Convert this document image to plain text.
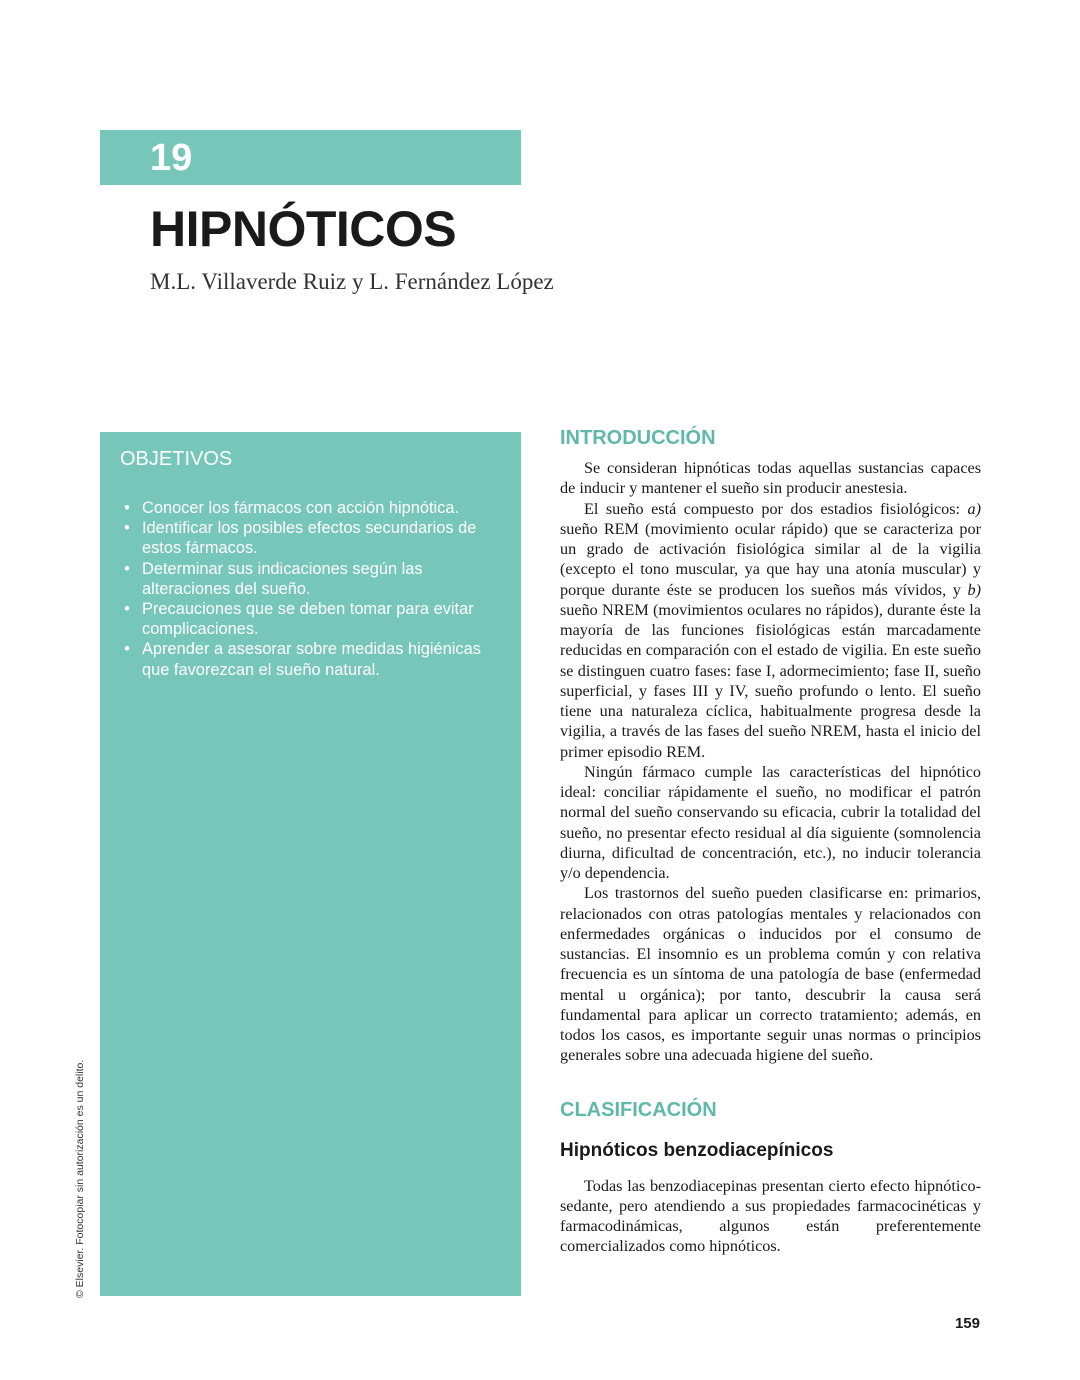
19
HIPNÓTICOS
M.L. Villaverde Ruiz y L. Fernández López
OBJETIVOS
• Conocer los fármacos con acción hipnótica.
• Identificar los posibles efectos secundarios de estos fármacos.
• Determinar sus indicaciones según las alteraciones del sueño.
• Precauciones que se deben tomar para evitar complicaciones.
• Aprender a asesorar sobre medidas higiénicas que favorezcan el sueño natural.
INTRODUCCIÓN

Se consideran hipnóticas todas aquellas sustancias capaces de inducir y mantener el sueño sin producir anestesia.

El sueño está compuesto por dos estadios fisiológicos: a) sueño REM (movimiento ocular rápido) que se caracteriza por un grado de activación fisiológica similar al de la vigilia (excepto el tono muscular, ya que hay una atonía muscular) y porque durante éste se producen los sueños más vívidos, y b) sueño NREM (movimientos oculares no rápidos), durante éste la mayoría de las funciones fisiológicas están marcadamente reducidas en comparación con el estado de vigilia. En este sueño se distinguen cuatro fases: fase I, adormecimiento; fase II, sueño superficial, y fases III y IV, sueño profundo o lento. El sueño tiene una naturaleza cíclica, habitualmente progresa desde la vigilia, a través de las fases del sueño NREM, hasta el inicio del primer episodio REM.

Ningún fármaco cumple las características del hipnótico ideal: conciliar rápidamente el sueño, no modificar el patrón normal del sueño conservando su eficacia, cubrir la totalidad del sueño, no presentar efecto residual al día siguiente (somnolencia diurna, dificultad de concentración, etc.), no inducir tolerancia y/o dependencia.

Los trastornos del sueño pueden clasificarse en: primarios, relacionados con otras patologías mentales y relacionados con enfermedades orgánicas o inducidos por el consumo de sustancias. El insomnio es un problema común y con relativa frecuencia es un síntoma de una patología de base (enfermedad mental u orgánica); por tanto, descubrir la causa será fundamental para aplicar un correcto tratamiento; además, en todos los casos, es importante seguir unas normas o principios generales sobre una adecuada higiene del sueño.

CLASIFICACIÓN
Hipnóticos benzodiacepínicos

Todas las benzodiacepinas presentan cierto efecto hipnótico-sedante, pero atendiendo a sus propiedades farmacocinéticas y farmacodinámicas, algunos están preferentemente comercializados como hipnóticos.

© Elsevier. Fotocopiar sin autorización es un delito.
159
